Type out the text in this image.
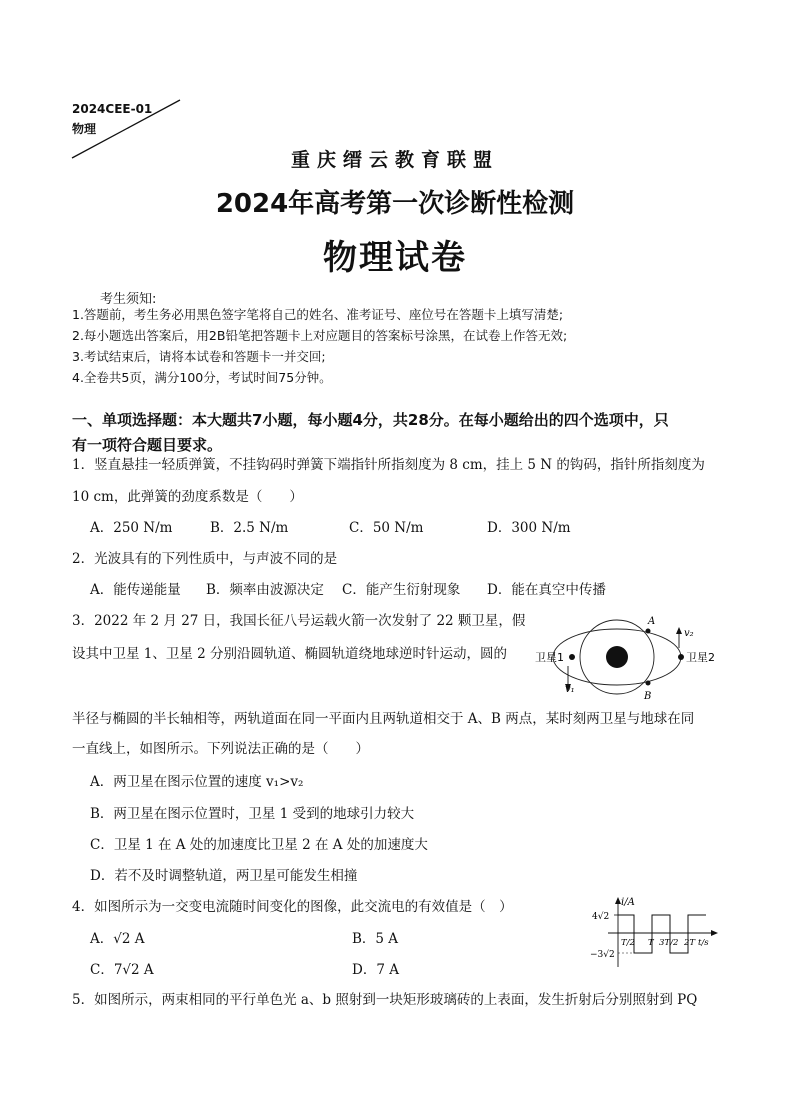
2024CEE-01
物理
重庆缙云教育联盟
2024年高考第一次诊断性检测
物理试卷
考生须知:
1.答题前，考生务必用黑色签字笔将自己的姓名、准考证号、座位号在答题卡上填写清楚;
2.每小题选出答案后，用2B铅笔把答题卡上对应题目的答案标号涂黑，在试卷上作答无效;
3.考试结束后，请将本试卷和答题卡一并交回;
4.全卷共5页，满分100分，考试时间75分钟。
一、单项选择题：本大题共7小题，每小题4分，共28分。在每小题给出的四个选项中，只
有一项符合题目要求。
1．竖直悬挂一轻质弹簧，不挂钩码时弹簧下端指针所指刻度为 8 cm，挂上 5 N 的钩码，指针所指刻度为
10 cm，此弹簧的劲度系数是（　　）
A．250 N/m	B．2.5 N/m	C．50 N/m	D．300 N/m
2．光波具有的下列性质中，与声波不同的是
A．能传递能量	B．频率由波源决定	C．能产生衍射现象	D．能在真空中传播
3．2022 年 2 月 27 日，我国长征八号运载火箭一次发射了 22 颗卫星，假
设其中卫星 1、卫星 2 分别沿圆轨道、椭圆轨道绕地球逆时针运动，圆的
半径与椭圆的半长轴相等，两轨道面在同一平面内且两轨道相交于 A、B 两点，某时刻两卫星与地球在同
一直线上，如图所示。下列说法正确的是（　　）
A．两卫星在图示位置的速度 v₁>v₂
B．两卫星在图示位置时，卫星 1 受到的地球引力较大
C．卫星 1 在 A 处的加速度比卫星 2 在 A 处的加速度大
D．若不及时调整轨道，两卫星可能发生相撞
卫星1	卫星2
A
B
v₂
v₁
4．如图所示为一交变电流随时间变化的图像，此交流电的有效值是（　）
A．√2 A	B．5 A
C．7√2 A	D．7 A
i/A
4√2
−3√2
T/2 T 3T/2 2T t/s
5．如图所示，两束相同的平行单色光 a、b 照射到一块矩形玻璃砖的上表面，发生折射后分别照射到 PQ
